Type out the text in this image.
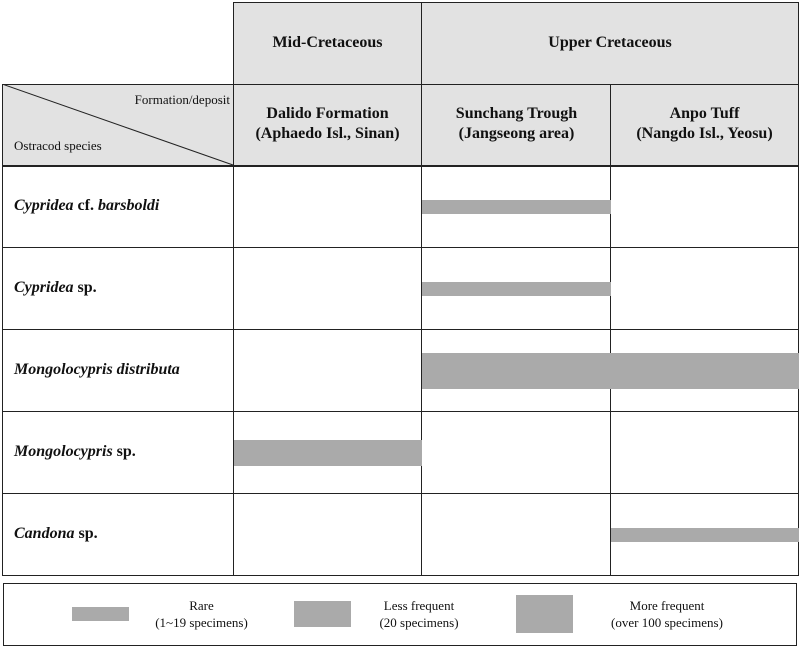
Formation/deposit
Ostracod species
Mid-Cretaceous	Upper Cretaceous
Dalido Formation
(Aphaedo Isl., Sinan)
Sunchang Trough
(Jangseong area)
Anpo Tuff
(Nangdo Isl., Yeosu)
Cypridea cf. barsboldi
Cypridea sp.
Mongolocypris distributa
Mongolocypris sp.
Candona sp.
Rare
(1~19 specimens)
Less frequent
(20 specimens)
More frequent
(over 100 specimens)
